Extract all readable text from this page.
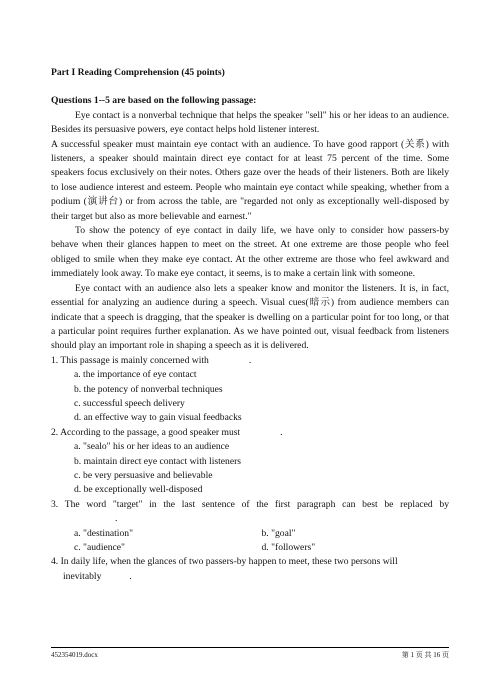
Part I Reading Comprehension (45 points)

Questions 1--5 are based on the following passage:

Eye contact is a nonverbal technique that helps the speaker "sell" his or her ideas to an audience. Besides its persuasive powers, eye contact helps hold listener interest.

A successful speaker must maintain eye contact with an audience. To have good rapport (关系) with listeners, a speaker should maintain direct eye contact for at least 75 percent of the time. Some speakers focus exclusively on their notes. Others gaze over the heads of their listeners. Both are likely to lose audience interest and esteem. People who maintain eye contact while speaking, whether from a podium (演讲台) or from across the table, are "regarded not only as exceptionally well-disposed by their target but also as more believable and earnest."

To show the potency of eye contact in daily life, we have only to consider how passers-by behave when their glances happen to meet on the street. At one extreme are those people who feel obliged to smile when they make eye contact. At the other extreme are those who feel awkward and immediately look away. To make eye contact, it seems, is to make a certain link with someone.

Eye contact with an audience also lets a speaker know and monitor the listeners. It is, in fact, essential for analyzing an audience during a speech. Visual cues(暗示) from audience members can indicate that a speech is dragging, that the speaker is dwelling on a particular point for too long, or that a particular point requires further explanation. As we have pointed out, visual feedback from listeners should play an important role in shaping a speech as it is delivered.

1. This passage is mainly concerned with	.
a. the importance of eye contact
b. the potency of nonverbal techniques
c. successful speech delivery
d. an effective way to gain visual feedbacks
2. According to the passage, a good speaker must	.
a. "sealo" his or her ideas to an audience
b. maintain direct eye contact with listeners
c. be very persuasive and believable
d. be exceptionally well-disposed
3. The word "target" in the last sentence of the first paragraph can best be replaced by
.
a. "destination"	b. "goal"
c. "audience"	d. "followers"
4. In daily life, when the glances of two passers-by happen to meet, these two persons will
inevitably	.
452354019.docx	第 1 页 共 16 页
